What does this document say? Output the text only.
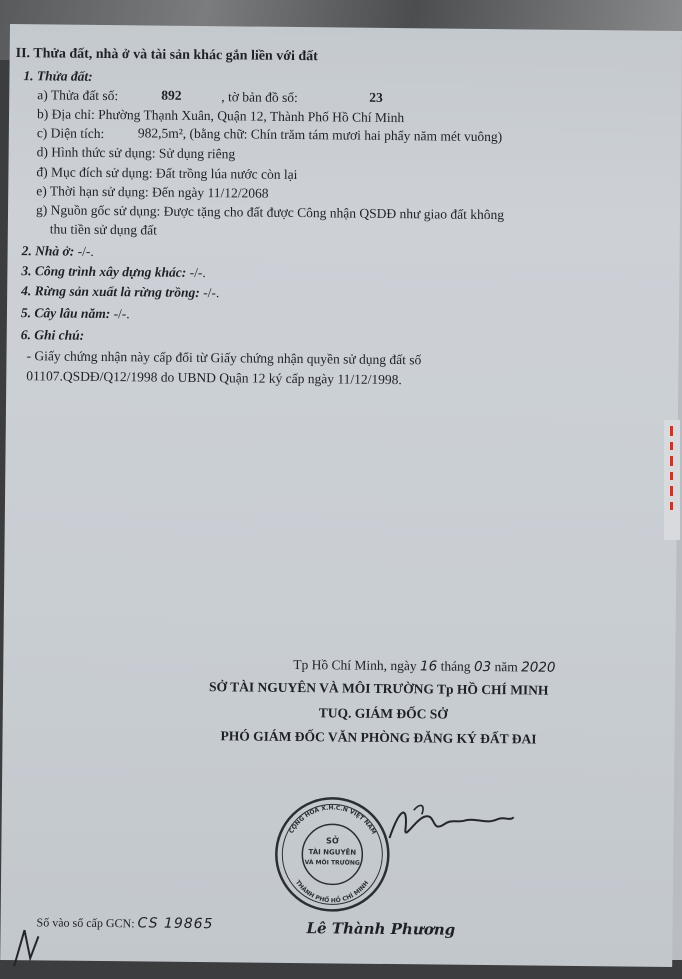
II. Thửa đất, nhà ở và tài sản khác gắn liền với đất
1. Thửa đất:
a) Thửa đất số:	892	, tờ bản đồ số:	23
b) Địa chỉ: Phường Thạnh Xuân, Quận 12, Thành Phố Hồ Chí Minh
c) Diện tích: 982,5m², (bằng chữ: Chín trăm tám mươi hai phẩy năm mét vuông)
d) Hình thức sử dụng: Sử dụng riêng
đ) Mục đích sử dụng: Đất trồng lúa nước còn lại
e) Thời hạn sử dụng: Đến ngày 11/12/2068
g) Nguồn gốc sử dụng: Được tặng cho đất được Công nhận QSDĐ như giao đất không
thu tiền sử dụng đất
2. Nhà ở: -/-.
3. Công trình xây dựng khác: -/-.
4. Rừng sản xuất là rừng trồng: -/-.
5. Cây lâu năm: -/-.
6. Ghi chú:
- Giấy chứng nhận này cấp đổi từ Giấy chứng nhận quyền sử dụng đất số
01107.QSDĐ/Q12/1998 do UBND Quận 12 ký cấp ngày 11/12/1998.
Tp Hồ Chí Minh, ngày 16 tháng 03 năm 2020
SỞ TÀI NGUYÊN VÀ MÔI TRƯỜNG Tp HỒ CHÍ MINH
TUQ. GIÁM ĐỐC SỞ
PHÓ GIÁM ĐỐC VĂN PHÒNG ĐĂNG KÝ ĐẤT ĐAI
SỞ
TÀI NGUYÊN
VÀ MÔI TRƯỜNG
CỘNG HÒA X.H.C.N VIỆT NAM
THÀNH PHỐ HỒ CHÍ MINH
Lê Thành Phương
Số vào sổ cấp GCN: CS 19865
